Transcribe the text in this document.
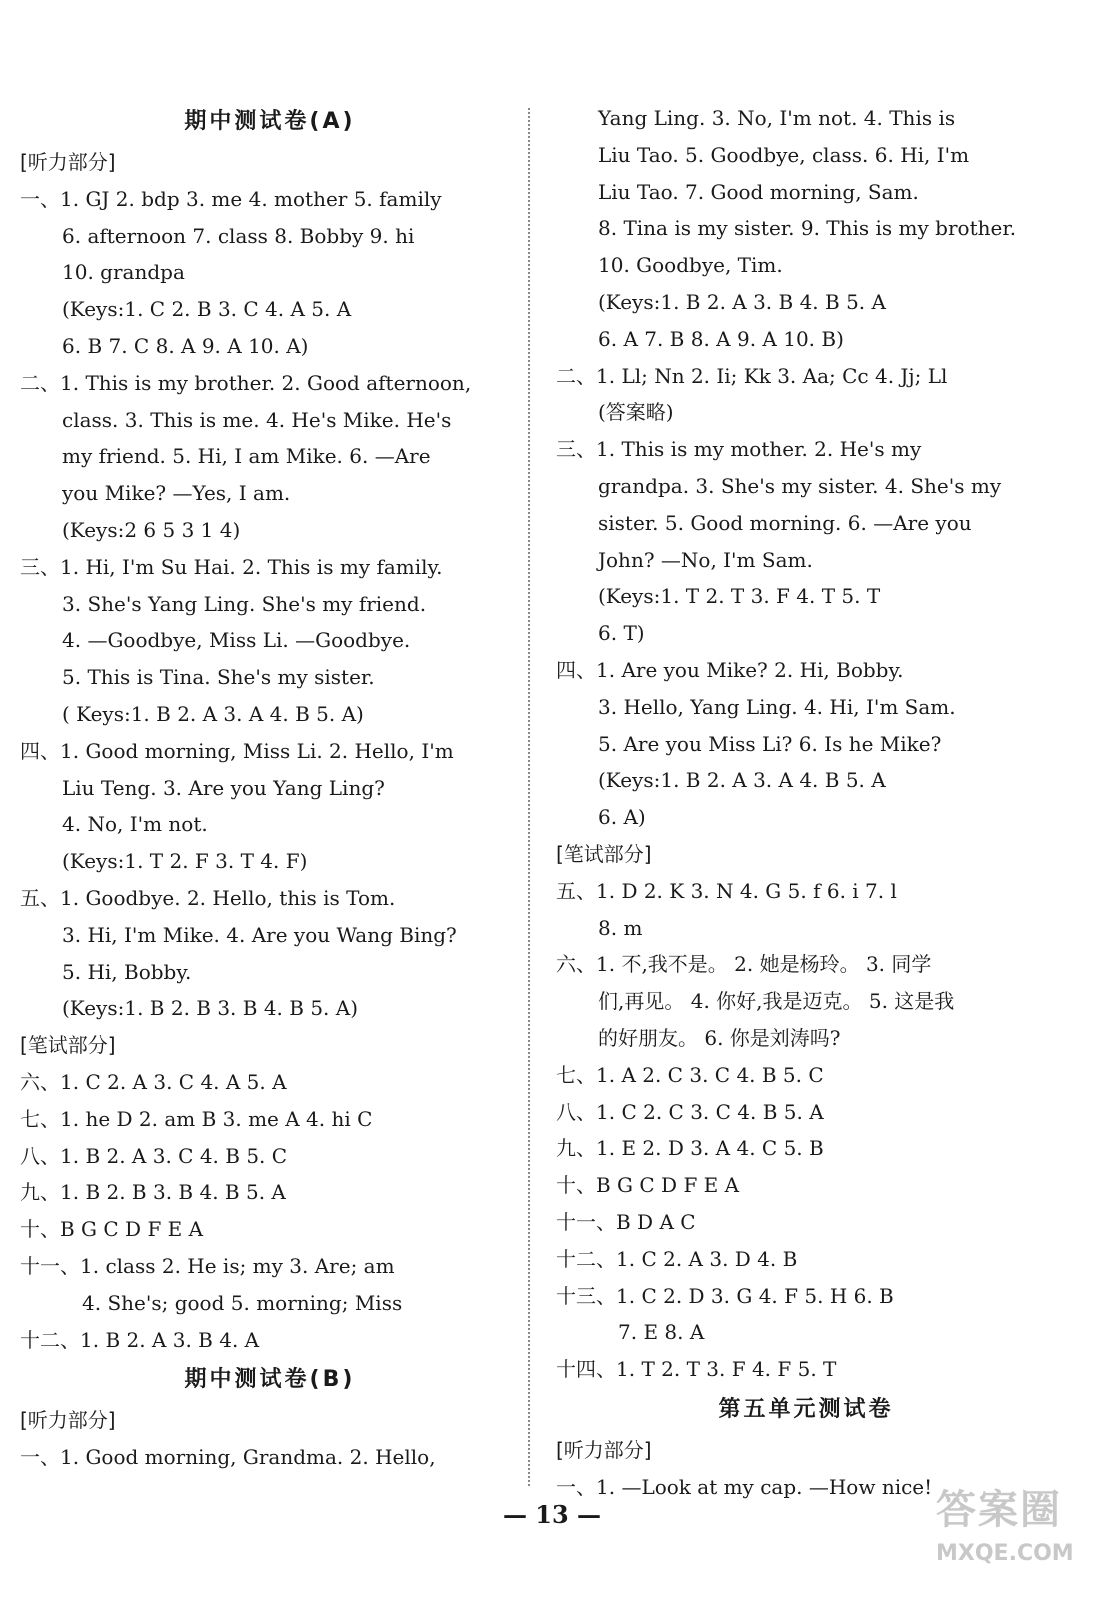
期中测试卷(A)
[听力部分]
一、1. GJ 2. bdp 3. me 4. mother 5. family
6. afternoon 7. class 8. Bobby 9. hi
10. grandpa
(Keys:1. C 2. B 3. C 4. A 5. A
6. B 7. C 8. A 9. A 10. A)
二、1. This is my brother. 2. Good afternoon,
class. 3. This is me. 4. He's Mike. He's
my friend. 5. Hi, I am Mike. 6. —Are
you Mike? —Yes, I am.
(Keys:2 6 5 3 1 4)
三、1. Hi, I'm Su Hai. 2. This is my family.
3. She's Yang Ling. She's my friend.
4. —Goodbye, Miss Li. —Goodbye.
5. This is Tina. She's my sister.
( Keys:1. B 2. A 3. A 4. B 5. A)
四、1. Good morning, Miss Li. 2. Hello, I'm
Liu Teng. 3. Are you Yang Ling?
4. No, I'm not.
(Keys:1. T 2. F 3. T 4. F)
五、1. Goodbye. 2. Hello, this is Tom.
3. Hi, I'm Mike. 4. Are you Wang Bing?
5. Hi, Bobby.
(Keys:1. B 2. B 3. B 4. B 5. A)
[笔试部分]
六、1. C 2. A 3. C 4. A 5. A
七、1. he D 2. am B 3. me A 4. hi C
八、1. B 2. A 3. C 4. B 5. C
九、1. B 2. B 3. B 4. B 5. A
十、B G C D F E A
十一、1. class 2. He is; my 3. Are; am
4. She's; good 5. morning; Miss
十二、1. B 2. A 3. B 4. A
期中测试卷(B)
[听力部分]
一、1. Good morning, Grandma. 2. Hello,
Yang Ling. 3. No, I'm not. 4. This is
Liu Tao. 5. Goodbye, class. 6. Hi, I'm
Liu Tao. 7. Good morning, Sam.
8. Tina is my sister. 9. This is my brother.
10. Goodbye, Tim.
(Keys:1. B 2. A 3. B 4. B 5. A
6. A 7. B 8. A 9. A 10. B)
二、1. Ll; Nn 2. Ii; Kk 3. Aa; Cc 4. Jj; Ll
(答案略)
三、1. This is my mother. 2. He's my
grandpa. 3. She's my sister. 4. She's my
sister. 5. Good morning. 6. —Are you
John? —No, I'm Sam.
(Keys:1. T 2. T 3. F 4. T 5. T
6. T)
四、1. Are you Mike? 2. Hi, Bobby.
3. Hello, Yang Ling. 4. Hi, I'm Sam.
5. Are you Miss Li? 6. Is he Mike?
(Keys:1. B 2. A 3. A 4. B 5. A
6. A)
[笔试部分]
五、1. D 2. K 3. N 4. G 5. f 6. i 7. l
8. m
六、1. 不,我不是。 2. 她是杨玲。 3. 同学
们,再见。 4. 你好,我是迈克。 5. 这是我
的好朋友。 6. 你是刘涛吗?
七、1. A 2. C 3. C 4. B 5. C
八、1. C 2. C 3. C 4. B 5. A
九、1. E 2. D 3. A 4. C 5. B
十、B G C D F E A
十一、B D A C
十二、1. C 2. A 3. D 4. B
十三、1. C 2. D 3. G 4. F 5. H 6. B
7. E 8. A
十四、1. T 2. T 3. F 4. F 5. T
第五单元测试卷
[听力部分]
一、1. —Look at my cap. —How nice!
— 13 —	答案圈
MXQE.COM
